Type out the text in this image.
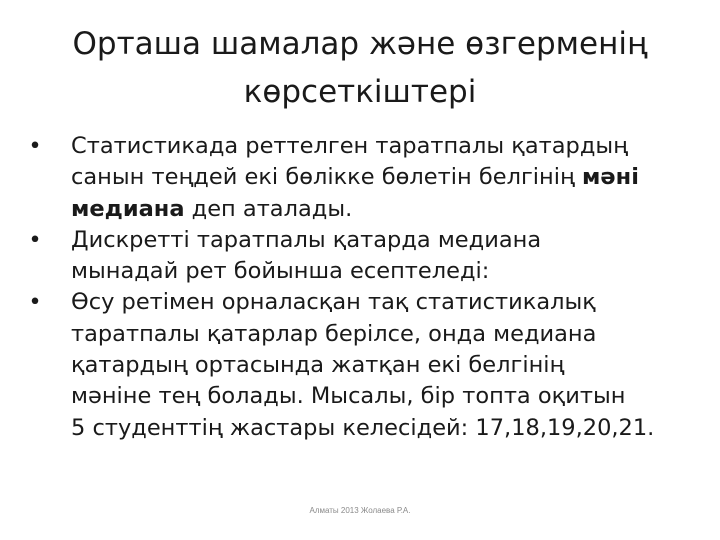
Орташа шамалар және өзгерменің
көрсеткіштері
• Статистикада реттелген таратпалы қатардың
санын теңдей екі бөлікке бөлетін белгінің мәні
медиана деп аталады.
• Дискретті таратпалы қатарда медиана
мынадай рет бойынша есептеледі:
• Өсу ретімен орналасқан тақ статистикалық
таратпалы қатарлар берілсе, онда медиана
қатардың ортасында жатқан екі белгінің
мәніне тең болады. Мысалы, бір топта оқитын
5 студенттің жастары келесідей: 17,18,19,20,21.
Алматы 2013 Жолаева Р.А.
